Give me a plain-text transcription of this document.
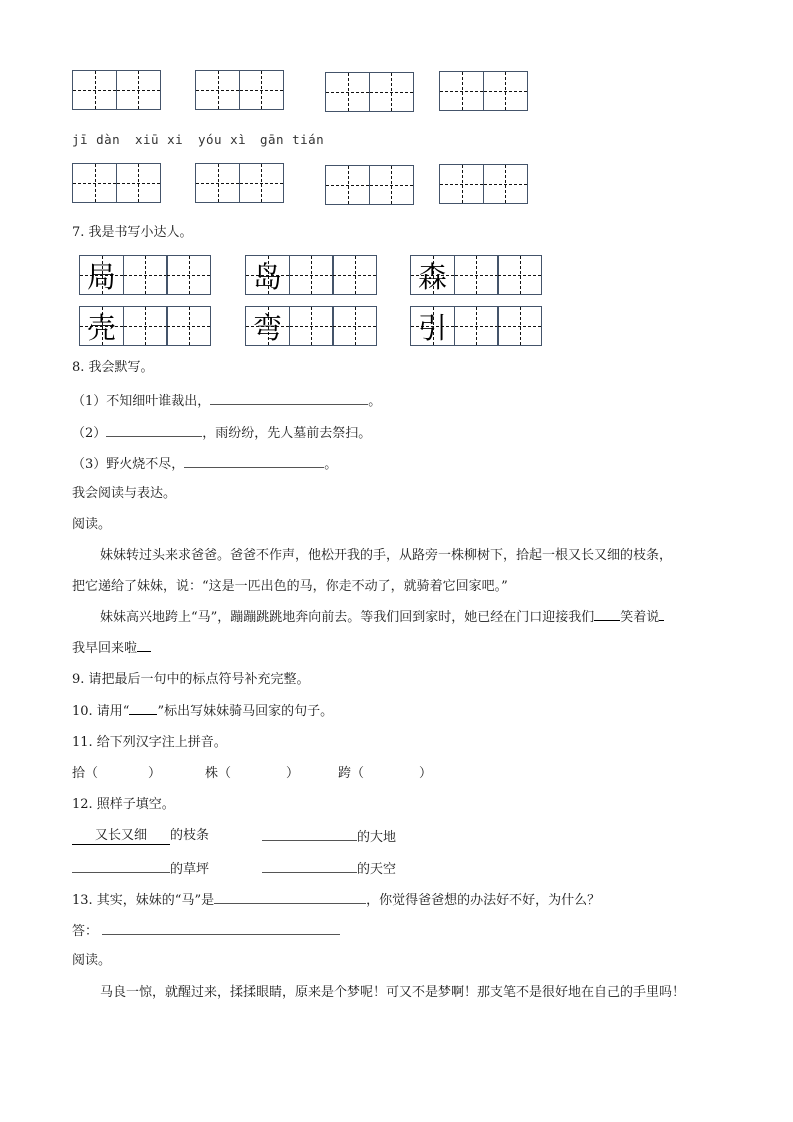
jī dàn xiū xi yóu xì gān tián
7. 我是书写小达人。
局	岛	森
壳	弯	引
8. 我会默写。
（1）不知细叶谁裁出，	。
（2）	，雨纷纷，先人墓前去祭扫。
（3）野火烧不尽，	。
我会阅读与表达。
阅读。
妹妹转过头来求爸爸。爸爸不作声，他松开我的手，从路旁一株柳树下，拾起一根又长又细的枝条，
把它递给了妹妹，说：“这是一匹出色的马，你走不动了，就骑着它回家吧。”
妹妹高兴地跨上“马”，蹦蹦跳跳地奔向前去。等我们回到家时，她已经在门口迎接我们 笑着说
我早回来啦
9. 请把最后一句中的标点符号补充完整。
10. 请用“ ”标出写妹妹骑马回家的句子。
11. 给下列汉字注上拼音。
拾（	）	株（	）	跨（	）
12. 照样子填空。
又长又细 的枝条	的大地
的草坪	的天空
13. 其实，妹妹的“马”是	，你觉得爸爸想的办法好不好，为什么？
答：
阅读。
马良一惊，就醒过来，揉揉眼睛，原来是个梦呢！可又不是梦啊！那支笔不是很好地在自己的手里吗！
